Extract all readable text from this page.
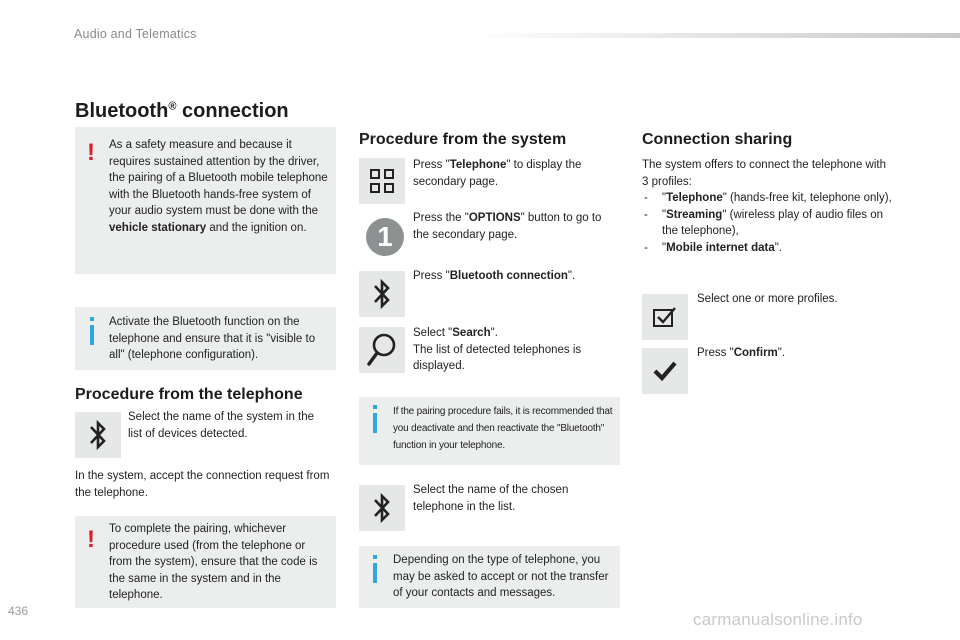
Audio and Telematics
Bluetooth® connection
! As a safety measure and because it requires sustained attention by the driver, the pairing of a Bluetooth mobile telephone with the Bluetooth hands-free system of your audio system must be done with the vehicle stationary and the ignition on.
Activate the Bluetooth function on the telephone and ensure that it is "visible to all" (telephone configuration).
Procedure from the telephone
Select the name of the system in the list of devices detected.
In the system, accept the connection request from the telephone.
! To complete the pairing, whichever procedure used (from the telephone or from the system), ensure that the code is the same in the system and in the telephone.
Procedure from the system
Press "Telephone" to display the secondary page.
1
Press the "OPTIONS" button to go to the secondary page.
Press "Bluetooth connection".
Select "Search".
The list of detected telephones is displayed.
If the pairing procedure fails, it is recommended that you deactivate and then reactivate the "Bluetooth" function in your telephone.
Select the name of the chosen telephone in the list.
Depending on the type of telephone, you may be asked to accept or not the transfer of your contacts and messages.
Connection sharing
The system offers to connect the telephone with 3 profiles:
- "Telephone" (hands-free kit, telephone only),
- "Streaming" (wireless play of audio files on the telephone),
- "Mobile internet data".
Select one or more profiles.
Press "Confirm".
436	carmanualsonline.info
